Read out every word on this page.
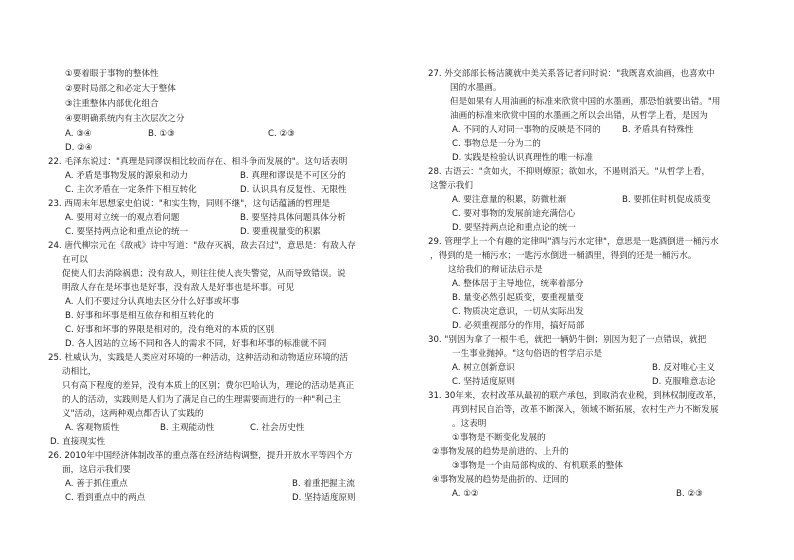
①要着眼于事物的整体性
②要时局部之和必定大于整体
③注重整体内部优化组合
④要明确系统内有主次层次之分
A. ③④	B. ①③	C. ②③
D. ②④
22. 毛泽东说过："真理是同谬误相比较而存在、相斗争而发展的"。这句话表明
A. 矛盾是事物发展的源泉和动力	B. 真理和谬误是不可区分的
C. 主次矛盾在一定条件下相互转化	D. 认识具有反复性、无限性
23. 西周末年思想家史伯说："和实生物，同则不继"，这句话蕴涵的哲理是
A. 要用对立统一的观点看问题	B. 要坚持具体问题具体分析
C. 要坚持两点论和重点论的统一	D. 要重视量变的积累
24. 唐代柳宗元在《敌戒》诗中写道："敌存灭祸，敌去召过"，意思是：有敌人存
在可以
促使人们去消除祸患；没有敌人，则往往使人丧失警觉，从而导致错误。说
明敌人存在是坏事也是好事，没有敌人是好事也是坏事。可见
A. 人们不要过分认真地去区分什么好事或坏事
B. 好事和坏事是相互依存和相互转化的
C. 好事和坏事的界限是相对的，没有绝对的本质的区别
D. 各人因站的立场不同和各人的需求不同，好事和坏事的标准就不同
25. 杜威认为，实践是人类应对环境的一种活动，这种活动和动物适应环境的活
动相比，
只有高下程度的差异，没有本质上的区别；费尔巴哈认为，理论的活动是真正
的人的活动，实践则是人们为了满足自己的生理需要而进行的一种"利己主
义"活动，这两种观点都否认了实践的
A. 客观物质性	B. 主观能动性	C. 社会历史性
D. 直接现实性
26. 2010年中国经济体制改革的重点落在经济结构调整，提升开放水平等四个方
面，这启示我们要
A. 善于抓住重点	B. 着重把握主流
C. 看到重点中的两点	D. 坚持适度原则
27. 外交部部长杨洁篪就中美关系答记者问时说："我既喜欢油画，也喜欢中
国的水墨画。
但是如果有人用油画的标准来欣赏中国的水墨画，那恐怕就要出错。"用
油画的标准来欣赏中国的水墨画之所以会出错，从哲学上看，是因为
A. 不同的人对同一事物的反映是不同的 B. 矛盾具有特殊性
C. 事物总是一分为二的
D. 实践是检验认识真理性的唯一标准
28. 古语云："贪如火，不抑则燎原；欲如水，不遏则滔天。"从哲学上看，
这警示我们
A. 要注意量的积累，防微杜渐	B. 要抓住时机促成质变
C. 要对事物的发展前途充满信心
D. 要坚持两点论和重点论的统一
29. 管理学上一个有趣的定律叫"酒与污水定律"，意思是一匙酒倒进一桶污水
，得到的是一桶污水；一匙污水倒进一桶酒里，得到的还是一桶污水。
这给我们的辩证法启示是
A. 整体居于主导地位，统率着部分
B. 量变必然引起质变，要重视量变
C. 物质决定意识，一切从实际出发
D. 必须重视部分的作用，搞好局部
30. "别因为拿了一根牛毛，就把一辆奶牛倒；别因为犯了一点错误，就把
一生事业抛掉。"这句俗语的哲学启示是
A. 树立创新意识	B. 反对唯心主义
C. 坚持适度原则	D. 克服唯意志论
31. 30年来，农村改革从最初的联产承包，到取消农业税，到林权制度改革，
再到村民自治等，改革不断深入，领域不断拓展，农村生产力不断发展
。这表明
①事物是不断变化发展的
②事物发展的趋势是前进的、上升的
③事物是一个由局部构成的、有机联系的整体
④事物发展的趋势是曲折的、迂回的
A. ①②	B. ②③
